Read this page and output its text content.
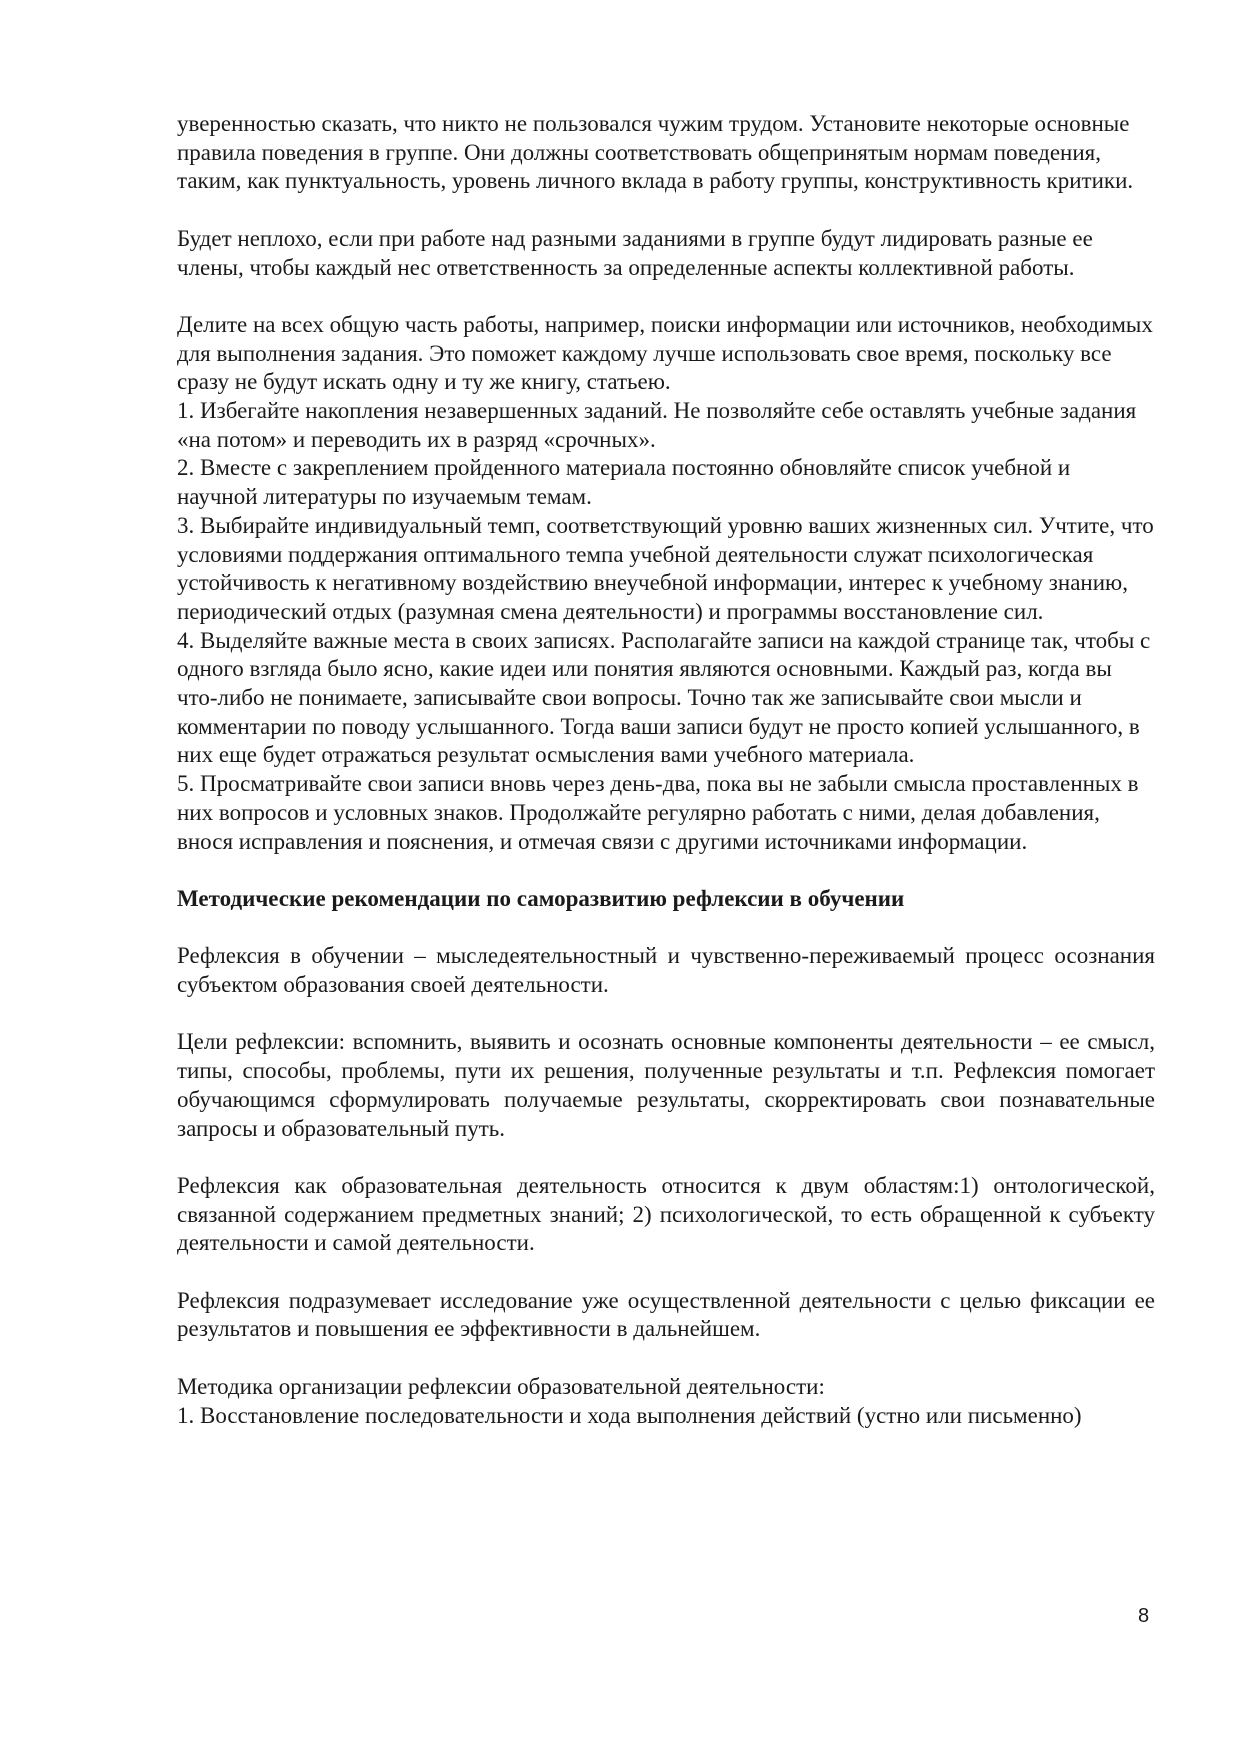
уверенностью сказать, что никто не пользовался чужим трудом. Установите некоторые основные правила поведения в группе. Они должны соответствовать общепринятым нормам поведения, таким, как пунктуальность, уровень личного вклада в работу группы, конструктивность критики.

Будет неплохо, если при работе над разными заданиями в группе будут лидировать разные ее члены, чтобы каждый нес ответственность за определенные аспекты коллективной работы.

Делите на всех общую часть работы, например, поиски информации или источников, необходимых для выполнения задания. Это поможет каждому лучше использовать свое время, поскольку все сразу не будут искать одну и ту же книгу, статьею.

1. Избегайте накопления незавершенных заданий. Не позволяйте себе оставлять учебные задания «на потом» и переводить их в разряд «срочных».

2. Вместе с закреплением пройденного материала постоянно обновляйте список учебной и научной литературы по изучаемым темам.

3. Выбирайте индивидуальный темп, соответствующий уровню ваших жизненных сил. Учтите, что условиями поддержания оптимального темпа учебной деятельности служат психологическая устойчивость к негативному воздействию внеучебной информации, интерес к учебному знанию, периодический отдых (разумная смена деятельности) и программы восстановление сил.

4. Выделяйте важные места в своих записях. Располагайте записи на каждой странице так, чтобы с одного взгляда было ясно, какие идеи или понятия являются основными. Каждый раз, когда вы что-либо не понимаете, записывайте свои вопросы. Точно так же записывайте свои мысли и комментарии по поводу услышанного. Тогда ваши записи будут не просто копией услышанного, в них еще будет отражаться результат осмысления вами учебного материала.

5. Просматривайте свои записи вновь через день-два, пока вы не забыли смысла проставленных в них вопросов и условных знаков. Продолжайте регулярно работать с ними, делая добавления, внося исправления и пояснения, и отмечая связи с другими источниками информации.

Методические рекомендации по саморазвитию рефлексии в обучении

Рефлексия в обучении – мыследеятельностный и чувственно-переживаемый процесс осознания субъектом образования своей деятельности.

Цели рефлексии: вспомнить, выявить и осознать основные компоненты деятельности – ее смысл, типы, способы, проблемы, пути их решения, полученные результаты и т.п. Рефлексия помогает обучающимся сформулировать получаемые результаты, скорректировать свои познавательные запросы и образовательный путь.

Рефлексия как образовательная деятельность относится к двум областям:1) онтологической, связанной содержанием предметных знаний; 2) психологической, то есть обращенной к субъекту деятельности и самой деятельности.

Рефлексия подразумевает исследование уже осуществленной деятельности с целью фиксации ее результатов и повышения ее эффективности в дальнейшем.

Методика организации рефлексии образовательной деятельности:

1. Восстановление последовательности и хода выполнения действий (устно или письменно)

8
